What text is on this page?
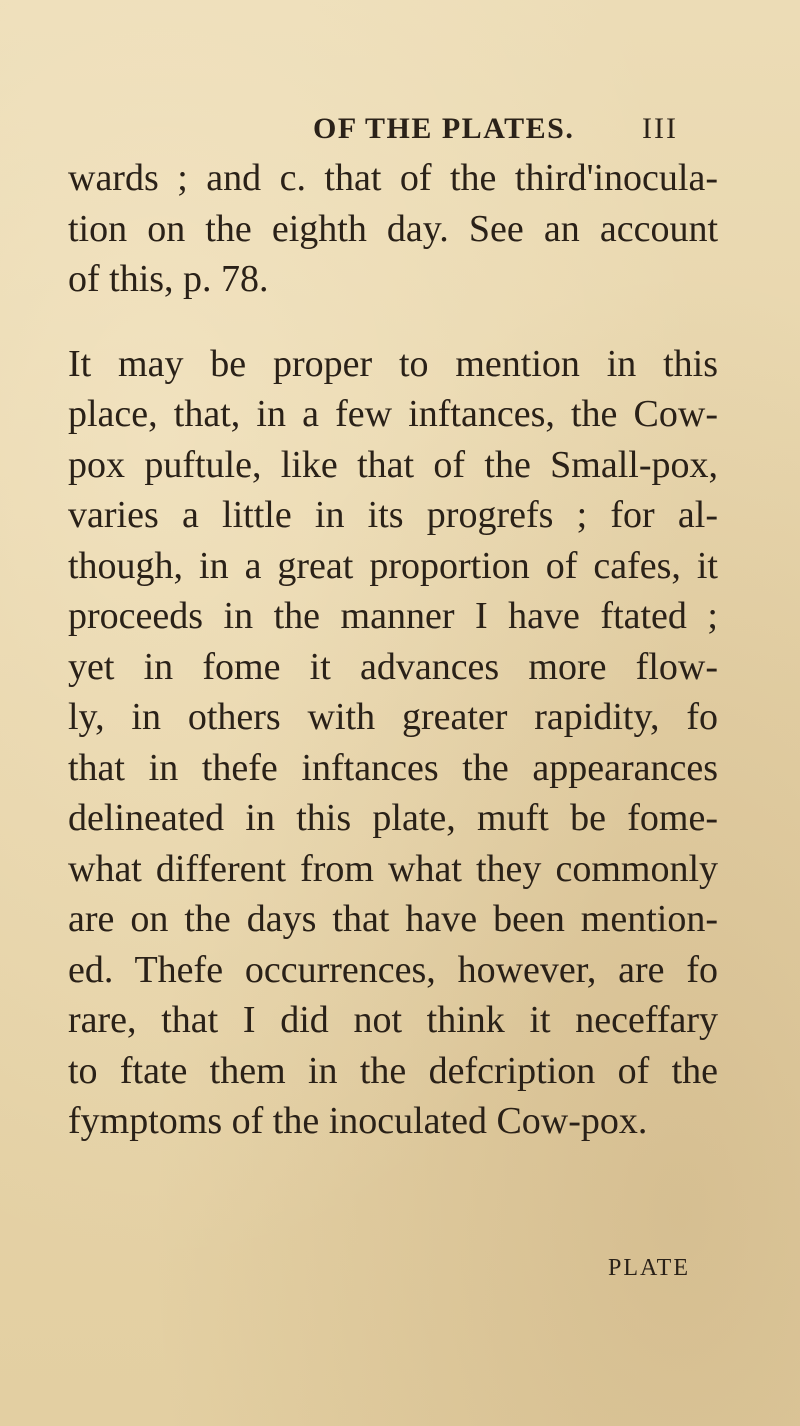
OF THE PLATES. III
wards ; and c. that of the third'inocula-
tion on the eighth day. See an account
of this, p. 78.
It may be proper to mention in this
place, that, in a few inftances, the Cow-
pox puftule, like that of the Small-pox,
varies a little in its progrefs ; for al-
though, in a great proportion of cafes, it
proceeds in the manner I have ftated ;
yet in fome it advances more flow-
ly, in others with greater rapidity, fo
that in thefe inftances the appearances
delineated in this plate, muft be fome-
what different from what they commonly
are on the days that have been mention-
ed. Thefe occurrences, however, are fo
rare, that I did not think it neceffary
to ftate them in the defcription of the
fymptoms of the inoculated Cow-pox.
PLATE
